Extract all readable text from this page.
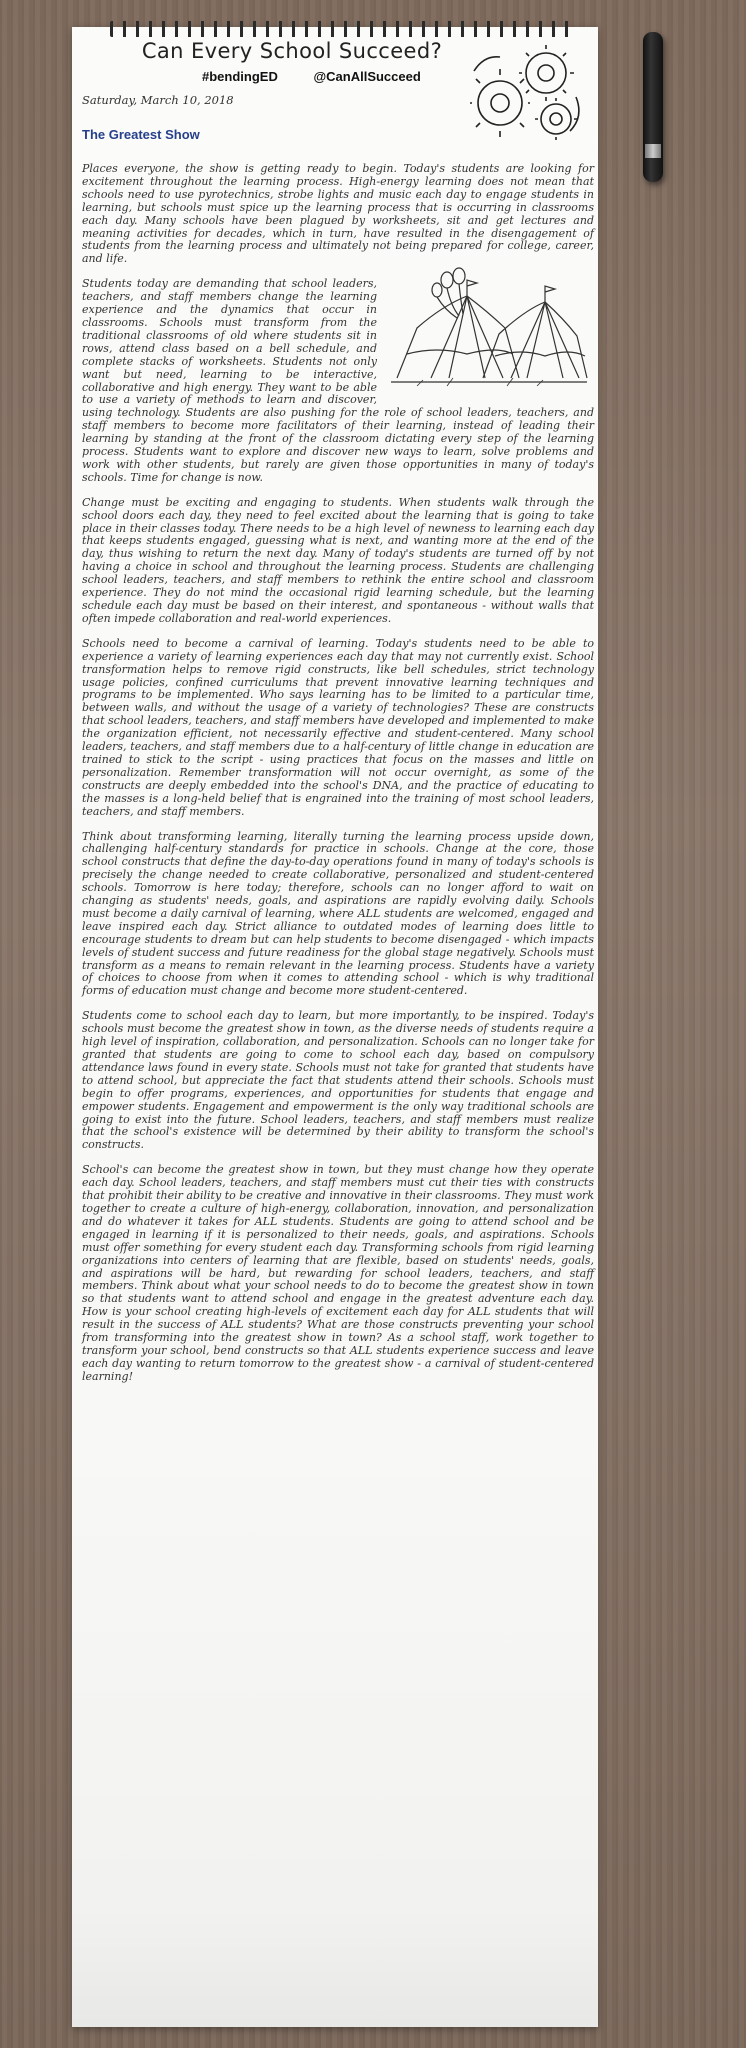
Can Every School Succeed?
#bendingED	@CanAllSucceed
Saturday, March 10, 2018
The Greatest Show

Places everyone, the show is getting ready to begin. Today's students are looking for excitement throughout the learning process. High-energy learning does not mean that schools need to use pyrotechnics, strobe lights and music each day to engage students in learning, but schools must spice up the learning process that is occurring in classrooms each day. Many schools have been plagued by worksheets, sit and get lectures and meaning activities for decades, which in turn, have resulted in the disengagement of students from the learning process and ultimately not being prepared for college, career, and life.

Students today are demanding that school leaders, teachers, and staff members change the learning experience and the dynamics that occur in classrooms. Schools must transform from the traditional classrooms of old where students sit in rows, attend class based on a bell schedule, and complete stacks of worksheets. Students not only want but need, learning to be interactive, collaborative and high energy. They want to be able to use a variety of methods to learn and discover, using technology. Students are also pushing for the role of school leaders, teachers, and staff members to become more facilitators of their learning, instead of leading their learning by standing at the front of the classroom dictating every step of the learning process. Students want to explore and discover new ways to learn, solve problems and work with other students, but rarely are given those opportunities in many of today's schools. Time for change is now.

Change must be exciting and engaging to students. When students walk through the school doors each day, they need to feel excited about the learning that is going to take place in their classes today. There needs to be a high level of newness to learning each day that keeps students engaged, guessing what is next, and wanting more at the end of the day, thus wishing to return the next day. Many of today's students are turned off by not having a choice in school and throughout the learning process. Students are challenging school leaders, teachers, and staff members to rethink the entire school and classroom experience. They do not mind the occasional rigid learning schedule, but the learning schedule each day must be based on their interest, and spontaneous - without walls that often impede collaboration and real-world experiences.

Schools need to become a carnival of learning. Today's students need to be able to experience a variety of learning experiences each day that may not currently exist. School transformation helps to remove rigid constructs, like bell schedules, strict technology usage policies, confined curriculums that prevent innovative learning techniques and programs to be implemented. Who says learning has to be limited to a particular time, between walls, and without the usage of a variety of technologies? These are constructs that school leaders, teachers, and staff members have developed and implemented to make the organization efficient, not necessarily effective and student-centered. Many school leaders, teachers, and staff members due to a half-century of little change in education are trained to stick to the script - using practices that focus on the masses and little on personalization. Remember transformation will not occur overnight, as some of the constructs are deeply embedded into the school's DNA, and the practice of educating to the masses is a long-held belief that is engrained into the training of most school leaders, teachers, and staff members.

Think about transforming learning, literally turning the learning process upside down, challenging half-century standards for practice in schools. Change at the core, those school constructs that define the day-to-day operations found in many of today's schools is precisely the change needed to create collaborative, personalized and student-centered schools. Tomorrow is here today; therefore, schools can no longer afford to wait on changing as students' needs, goals, and aspirations are rapidly evolving daily. Schools must become a daily carnival of learning, where ALL students are welcomed, engaged and leave inspired each day. Strict alliance to outdated modes of learning does little to encourage students to dream but can help students to become disengaged - which impacts levels of student success and future readiness for the global stage negatively. Schools must transform as a means to remain relevant in the learning process. Students have a variety of choices to choose from when it comes to attending school - which is why traditional forms of education must change and become more student-centered.

Students come to school each day to learn, but more importantly, to be inspired. Today's schools must become the greatest show in town, as the diverse needs of students require a high level of inspiration, collaboration, and personalization. Schools can no longer take for granted that students are going to come to school each day, based on compulsory attendance laws found in every state. Schools must not take for granted that students have to attend school, but appreciate the fact that students attend their schools. Schools must begin to offer programs, experiences, and opportunities for students that engage and empower students. Engagement and empowerment is the only way traditional schools are going to exist into the future. School leaders, teachers, and staff members must realize that the school's existence will be determined by their ability to transform the school's constructs.

School's can become the greatest show in town, but they must change how they operate each day. School leaders, teachers, and staff members must cut their ties with constructs that prohibit their ability to be creative and innovative in their classrooms. They must work together to create a culture of high-energy, collaboration, innovation, and personalization and do whatever it takes for ALL students. Students are going to attend school and be engaged in learning if it is personalized to their needs, goals, and aspirations. Schools must offer something for every student each day. Transforming schools from rigid learning organizations into centers of learning that are flexible, based on students' needs, goals, and aspirations will be hard, but rewarding for school leaders, teachers, and staff members. Think about what your school needs to do to become the greatest show in town so that students want to attend school and engage in the greatest adventure each day. How is your school creating high-levels of excitement each day for ALL students that will result in the success of ALL students? What are those constructs preventing your school from transforming into the greatest show in town? As a school staff, work together to transform your school, bend constructs so that ALL students experience success and leave each day wanting to return tomorrow to the greatest show - a carnival of student-centered learning!
